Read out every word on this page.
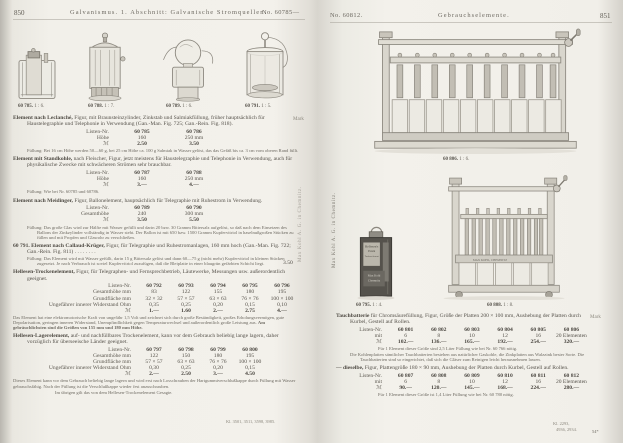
850	Galvanismus. 1. Abschnitt: Galvanische Stromquellen.
No. 60785—
60 785. 1 : 6.	60 788. 1 : 7.	60 789. 1 : 6.	60 791. 1 : 5.
Mark

Element nach Leclanché, Figur, mit Braunsteinzylinder, Zinkstab und Salmiakfüllung, früher hauptsächlich für Haustelegraphie und Telephonie in Verwendung (Gan.-Man. Fig. 725; Gan.-Rein. Fig. 818).

Listen-Nr.	60 785	60 786
Höhe	160	250 mm
ℳ	2.50	3.50

Füllung: Bei 16 cm Höhe werden 50—60 g, bei 25 cm Höhe ca. 100 g Salmiak in Wasser gelöst, das das Gefäß bis ca. 3 cm vom oberen Rand füllt.

Element mit Standkohle, nach Fleischer, Figur, jetzt meistens für Haustelegraphie und Telephonie in Verwendung, auch für physikalische Zwecke mit schwächeren Strömen sehr brauchbar.

Listen-Nr.	60 787	60 788
Höhe	160	250 mm
ℳ	3.—	4.—

Füllung: Wie bei Nr. 60785 und 60786.

Element nach Meidinger, Figur, Ballonelement, hauptsächlich für Telegraphie mit Ruhestrom in Verwendung.

Listen-Nr.	60 789	60 790
Gesamthöhe	240	300 mm
ℳ	3.50	5.50

Füllung: Das große Glas wird zur Hälfte mit Wasser gefüllt und darin 20 bzw. 30 Gramm Bittersalz aufgelöst, so daß nach dem Einsetzen des Ballons der Zinkzylinder vollständig in Wasser steht. Der Ballon ist mit 650 bzw. 1500 Gramm Kupfervitriol in haselnußgroßen Stücken zu füllen und mit Propfen und Glasrohr zu verschließen.

60 791. Element nach Callaud-Krüger, Figur, für Telegraphie und Ruhestromanlagen, 160 mm hoch (Gan.-Man. Fig. 722; Gan.-Rein. Fig. 811) . . . . . . . .

Füllung: Das Element wird mit Wasser gefüllt, darin 15 g Bittersalz gelöst und dann 60—75 g (nicht mehr) Kupfervitriol in kleinen Stücken zugesetzt. Je nach Verbrauch ist soviel Kupfervitriol zuzufügen, daß die Bleiplatte in einer blaugrün gefärbten Schicht liegt.

Hellesen-Trockenelement, Figur, für Telegraphen- und Fernsprechbetrieb, Läutewerke, Messungen usw. außerordentlich geeignet.

Listen-Nr.	60 792	60 793	60 794	60 795	60 796
Gesamthöhe mm	83	122	155	180	195
Grundfläche mm	32 × 32	57 × 57	63 × 63	76 × 76	100 × 100
Ungefährer innerer Widerstand Ohm	0,35	0,25	0,20	0,15	0,10
ℳ	1.—	1.60	2.—	2.75	4.—

Das Element hat eine elektromotorische Kraft von ungefähr 1,5 Volt und zeichnet sich durch große Beständigkeit, großes Erholungsvermögen, gute Depolarisation, geringen inneren Widerstand, Unempfindlichkeit gegen Temperaturwechsel und außerordentlich große Leistung aus. Am gebräuchlichsten sind die Größen von 155 mm und 180 mm Höhe.

Hellesen-Lagerelement, auf- und nachfüllbares Trockenelement, kann vor dem Gebrauch beliebig lange lagern, daher vorzüglich für überseeische Länder geeignet.

Listen-Nr.	60 797	60 798	60 799	60 800
Gesamthöhe mm	122	150	180	195
Grundfläche mm	57 × 57	63 × 63	76 × 76	100 × 100
Ungefährer innerer Widerstand Ohm	0,30	0,25	0,20	0,15
ℳ	2.—	2.50	3.—	4.50

Dieses Element kann vor dem Gebrauch beliebig lange lagern und wird erst nach Losschrauben der Hartgummiverschlußkappe durch Füllung mit Wasser gebrauchsfähig. Nach der Füllung ist die Verschlußkappe wieder fest anzuschrauben.

Im übrigen gilt das von dem Hellesen-Trockenelement Gesagte.

3.50
Kl. 3501, 3511, 3598, 3985.
Max Kohl A. G. in Chemnitz.
No. 60812.	Gebrauchselemente.	851
60 806. 1 : 6.
Hellesen's
Patent
Trockenelement
Max Kohl
Chemnitz
60 795. 1 : 4.
MAX KOHL, CHEMNITZ
60 808. 1 : 8.
Mark

Tauchbatterie für Chromsäurefüllung, Figur, Größe der Platten 200 × 100 mm, Aushebung der Platten durch Kurbel, Gestell auf Rollen.

Listen-Nr.	60 801	60 802	60 803	60 804	60 805	60 806
mit	6	8	10	12	16	20 Elementen
ℳ	102.—	136.—	165.—	192.—	254.—	320.—

Für 1 Element dieser Größe sind 2,5 Liter Füllung wie bei Nr. 60 766 nötig.

Die Kohlenplatten sämtlicher Tauchbatterien bestehen aus natürlicher Gaskohle, die Zinkplatten aus Walzzink bester Sorte. Die Tauchbatterien sind so eingerichtet, daß sich die Gläser zum Reinigen leicht herausnehmen lassen.

— dieselbe, Figur, Plattengröße 180 × 90 mm, Aushebung der Platten durch Kurbel, Gestell auf Rollen.

Listen-Nr.	60 807	60 808	60 809	60 810	60 811	60 812
mit	6	8	10	12	16	20 Elementen
ℳ	90.—	120.—	145.—	168.—	224.—	280.—

Für 1 Element dieser Größe ist 1,4 Liter Füllung wie bei Nr. 60 780 nötig.

Kl. 2293,
4936, 2934.	54*
Max Kohl A. G. in Chemnitz.
